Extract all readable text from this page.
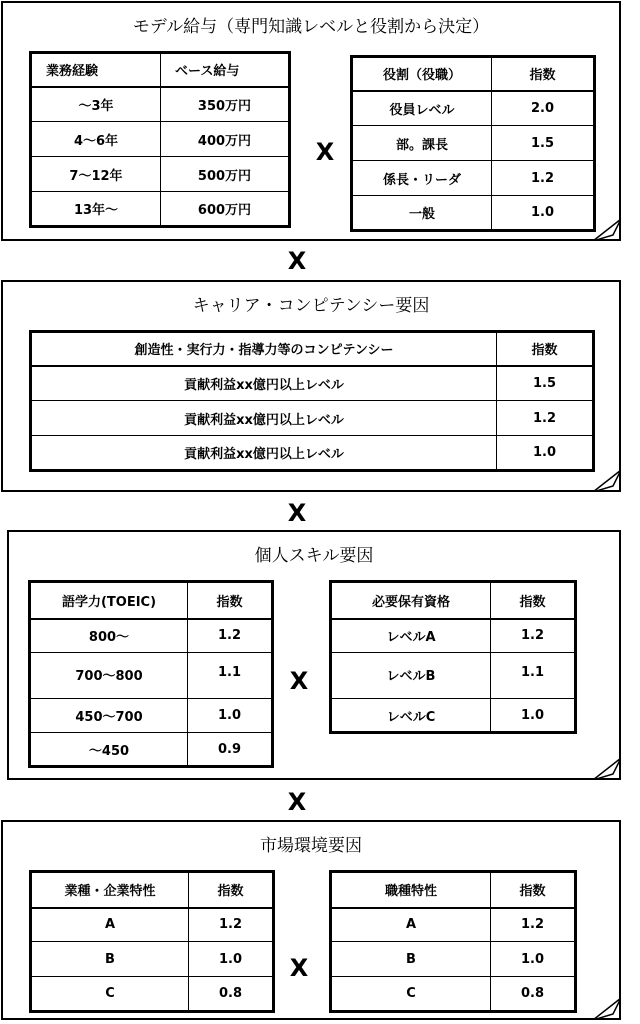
モデル給与（専門知識レベルと役割から決定）
業務経験	ベース給与
～3年	350万円
4～6年	400万円
7～12年	500万円
13年～	600万円
X
役割（役職）	指数
役員レベル	2.0
部。課長	1.5
係長・リーダ	1.2
一般	1.0
X
キャリア・コンピテンシー要因
創造性・実行力・指導力等のコンピテンシー	指数
貢献利益xx億円以上レベル	1.5
貢献利益xx億円以上レベル	1.2
貢献利益xx億円以上レベル	1.0
X
個人スキル要因
語学力(TOEIC)	指数
800～	1.2
700～800	1.1
450～700	1.0
～450	0.9
X
必要保有資格	指数
レベルA	1.2
レベルB	1.1
レベルC	1.0
X
市場環境要因
業種・企業特性	指数
A	1.2
B	1.0
C	0.8
X
職種特性	指数
A	1.2
B	1.0
C	0.8
